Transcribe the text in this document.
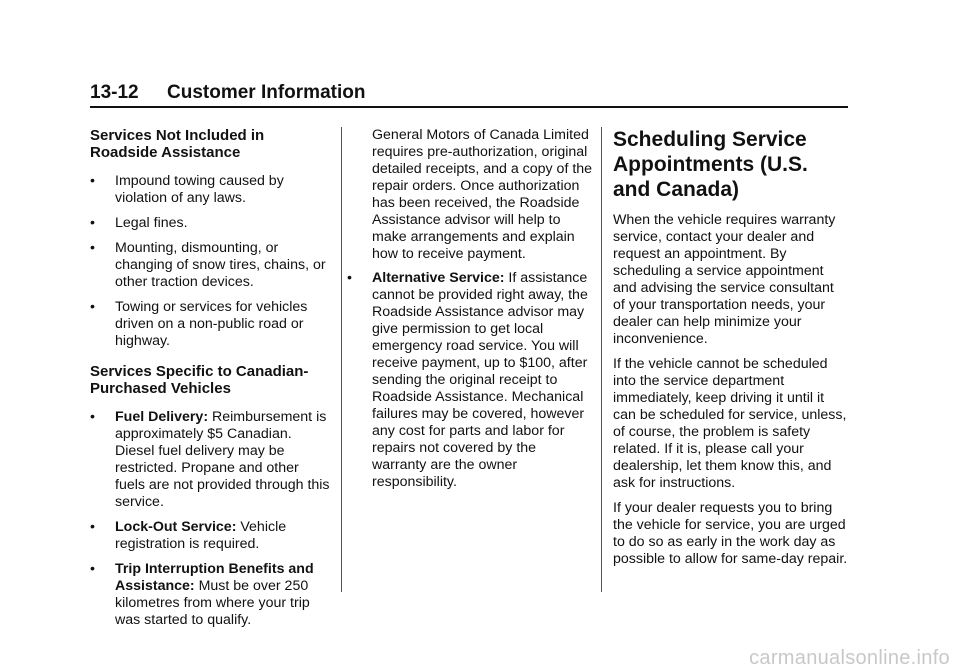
13-12 Customer Information
Services Not Included in Roadside Assistance
• Impound towing caused by violation of any laws.
• Legal fines.
• Mounting, dismounting, or changing of snow tires, chains, or other traction devices.
• Towing or services for vehicles driven on a non-public road or highway.
Services Specific to Canadian-Purchased Vehicles
• Fuel Delivery: Reimbursement is approximately $5 Canadian. Diesel fuel delivery may be restricted. Propane and other fuels are not provided through this service.
• Lock-Out Service: Vehicle registration is required.
• Trip Interruption Benefits and Assistance: Must be over 250 kilometres from where your trip was started to qualify.

General Motors of Canada Limited requires pre-authorization, original detailed receipts, and a copy of the repair orders. Once authorization has been received, the Roadside Assistance advisor will help to make arrangements and explain how to receive payment.

• Alternative Service: If assistance cannot be provided right away, the Roadside Assistance advisor may give permission to get local emergency road service. You will receive payment, up to $100, after sending the original receipt to Roadside Assistance. Mechanical failures may be covered, however any cost for parts and labor for repairs not covered by the warranty are the owner responsibility.
Scheduling Service Appointments (U.S. and Canada)

When the vehicle requires warranty service, contact your dealer and request an appointment. By scheduling a service appointment and advising the service consultant of your transportation needs, your dealer can help minimize your inconvenience.

If the vehicle cannot be scheduled into the service department immediately, keep driving it until it can be scheduled for service, unless, of course, the problem is safety related. If it is, please call your dealership, let them know this, and ask for instructions.

If your dealer requests you to bring the vehicle for service, you are urged to do so as early in the work day as possible to allow for same-day repair.

carmanualsonline.info
